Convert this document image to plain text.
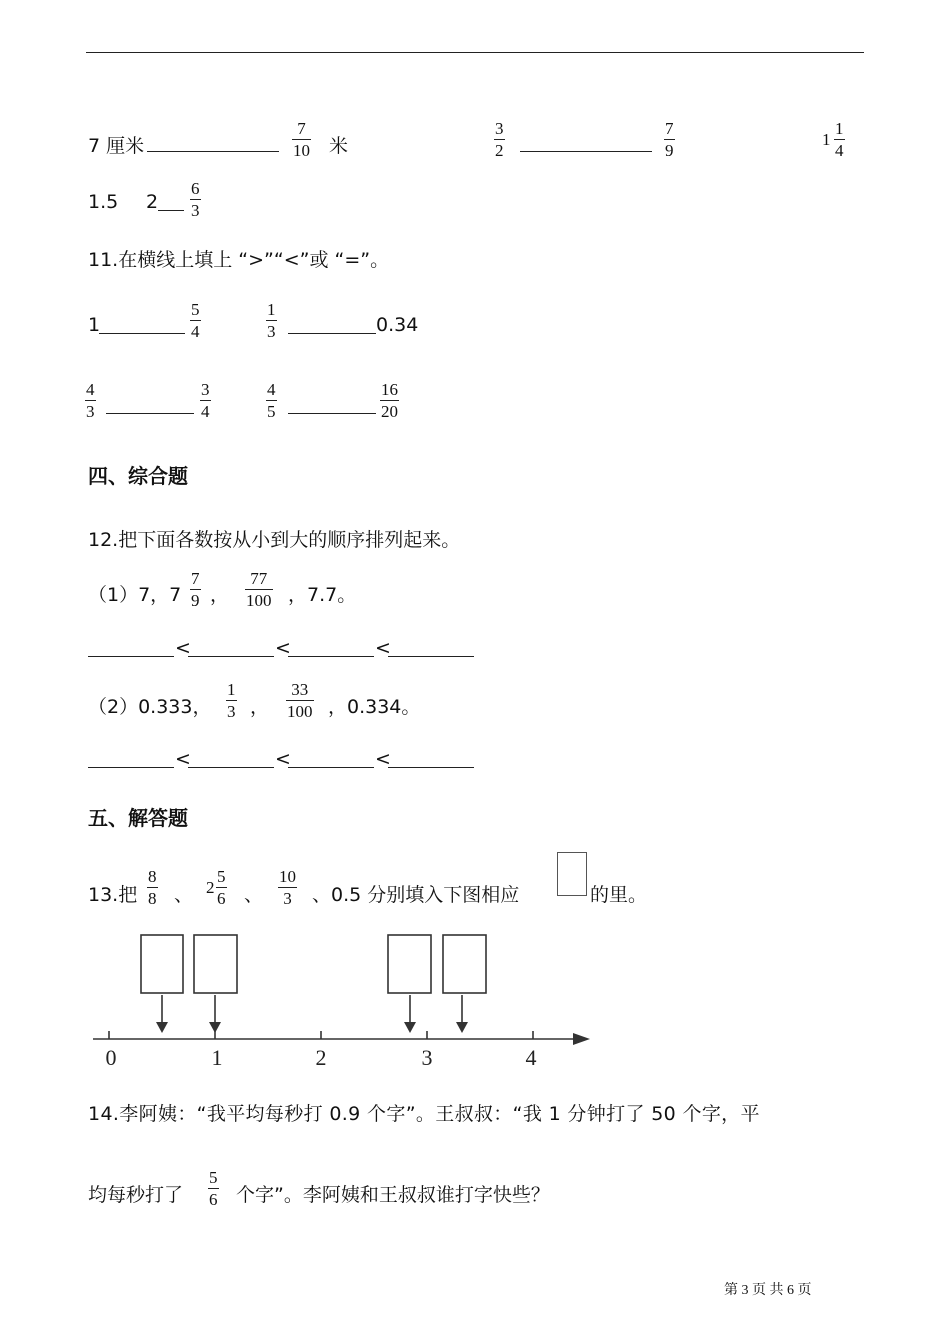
7 厘米
7
10 米
3
2
7
9
1
1
4
1.5 2
6
3
11.在横线上填上 “>”“<”或 “=”。
1
5
4
1
3	0.34
4
3
3
4
4
5
16
20
四、综合题
12.把下面各数按从小到大的顺序排列起来。
（1）7，7
7
9 ，
77
100 ，7.7。
<	<	<
（2）0.333，
1
3 ，
33
100 ，0.334。
<	<	<
五、解答题
13.把
8
8 、 2
5
6 、
10
3 、0.5 分别填入下图相应	的里。
0	1	2	3	4
14.李阿姨：“我平均每秒打 0.9 个字”。王叔叔：“我 1 分钟打了 50 个字，平
均每秒打了
5
6 个字”。李阿姨和王叔叔谁打字快些？
第 3 页 共 6 页
